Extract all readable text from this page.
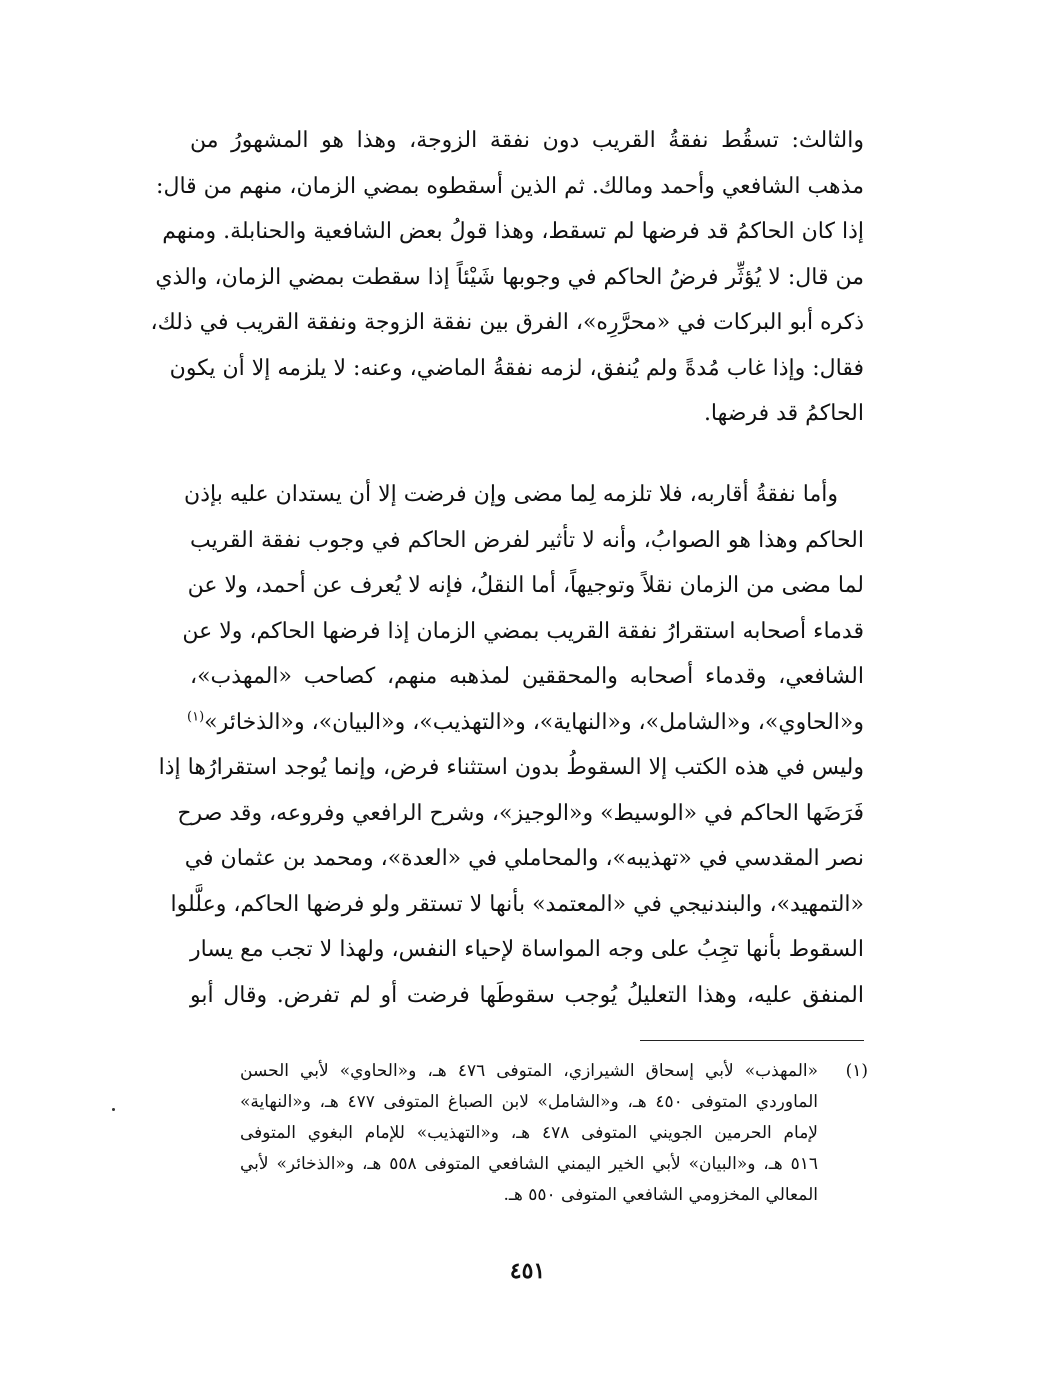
والثالث: تسقُط نفقةُ القريب دون نفقة الزوجة، وهذا هو المشهورُ من
مذهب الشافعي وأحمد ومالك. ثم الذين أسقطوه بمضي الزمان، منهم من قال:
إذا كان الحاكمُ قد فرضها لم تسقط، وهذا قولُ بعض الشافعية والحنابلة. ومنهم
من قال: لا يُؤثِّر فرضُ الحاكم في وجوبها شَيْئاً إذا سقطت بمضي الزمان، والذي
ذكره أبو البركات في «محرَّرِه»، الفرق بين نفقة الزوجة ونفقة القريب في ذلك،
فقال: وإذا غاب مُدةً ولم يُنفق، لزمه نفقةُ الماضي، وعنه: لا يلزمه إلا أن يكون
الحاكمُ قد فرضها.
وأما نفقةُ أقاربه، فلا تلزمه لِما مضى وإن فرضت إلا أن يستدان عليه بإذن
الحاكم وهذا هو الصوابُ، وأنه لا تأثير لفرض الحاكم في وجوب نفقة القريب
لما مضى من الزمان نقلاً وتوجيهاً، أما النقلُ، فإنه لا يُعرف عن أحمد، ولا عن
قدماء أصحابه استقرارُ نفقة القريب بمضي الزمان إذا فرضها الحاكم، ولا عن
الشافعي، وقدماء أصحابه والمحققين لمذهبه منهم، كصاحب «المهذب»،
و«الحاوي»، و«الشامل»، و«النهاية»، و«التهذيب»، و«البيان»، و«الذخائر»$^{(١)}$
وليس في هذه الكتب إلا السقوطُ بدون استثناء فرض، وإنما يُوجد استقرارُها إذا
فَرَضَها الحاكم في «الوسيط» و«الوجيز»، وشرح الرافعي وفروعه، وقد صرح
نصر المقدسي في «تهذيبه»، والمحاملي في «العدة»، ومحمد بن عثمان في
«التمهيد»، والبندنيجي في «المعتمد» بأنها لا تستقر ولو فرضها الحاكم، وعلَّلوا
السقوط بأنها تجِبُ على وجه المواساة لإحياء النفس، ولهذا لا تجب مع يسار
المنفق عليه، وهذا التعليلُ يُوجب سقوطَها فرضت أو لم تفرض. وقال أبو
(١)
«المهذب» لأبي إسحاق الشيرازي، المتوفى ٤٧٦ هـ، و«الحاوي» لأبي الحسن
الماوردي المتوفى ٤٥٠ هـ، و«الشامل» لابن الصباغ المتوفى ٤٧٧ هـ، و«النهاية»
لإمام الحرمين الجويني المتوفى ٤٧٨ هـ، و«التهذيب» للإمام البغوي المتوفى
٥١٦ هـ، و«البيان» لأبي الخير اليمني الشافعي المتوفى ٥٥٨ هـ، و«الذخائر» لأبي
المعالي المخزومي الشافعي المتوفى ٥٥٠ هـ.
٤٥١
